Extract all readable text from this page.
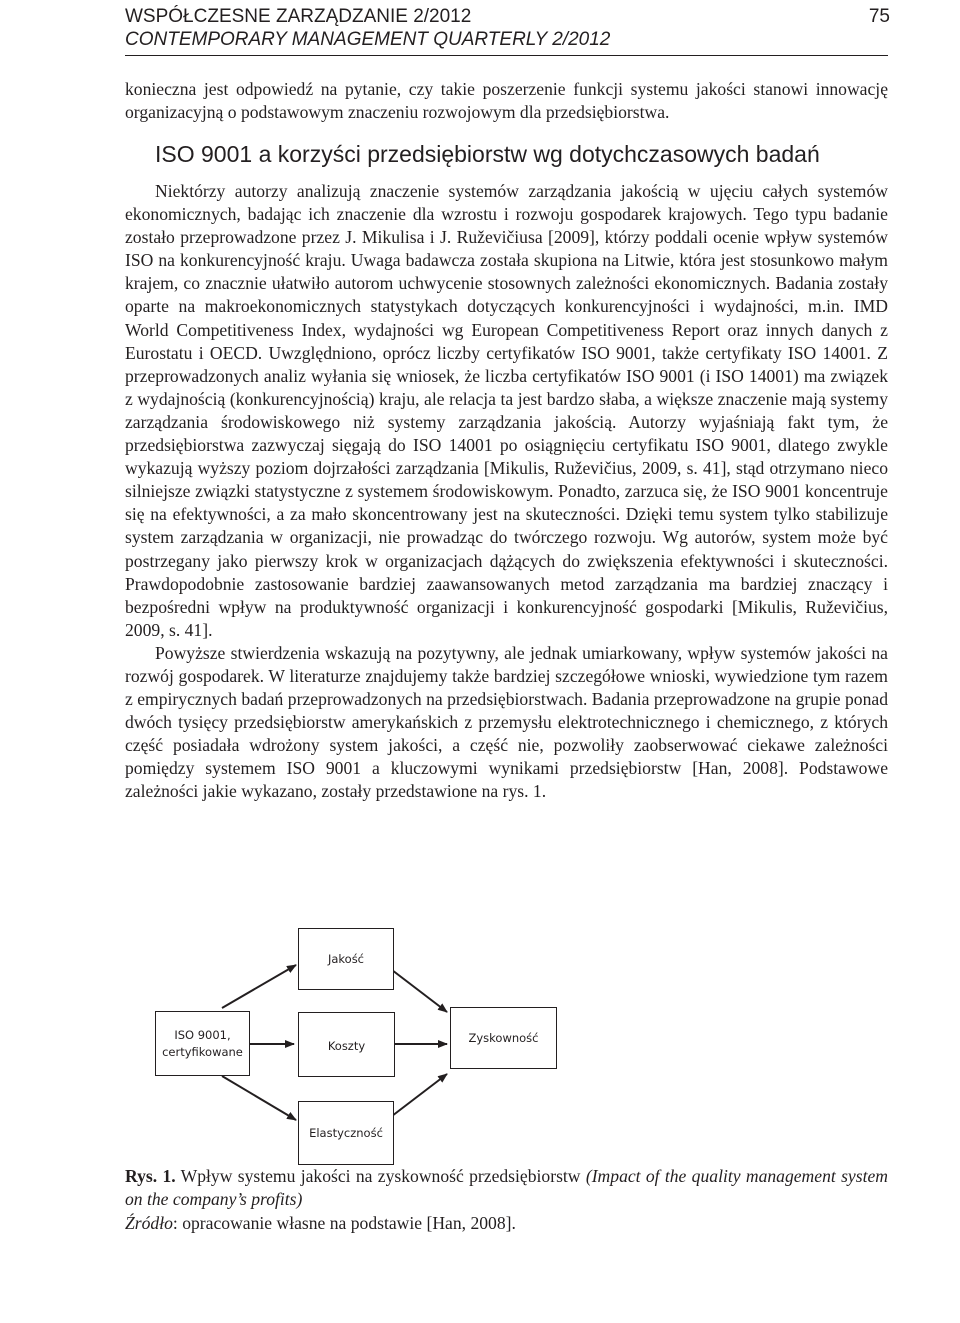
WSPÓŁCZESNE ZARZĄDZANIE 2/2012	75
CONTEMPORARY MANAGEMENT QUARTERLY 2/2012

konieczna jest odpowiedź na pytanie, czy takie poszerzenie funkcji systemu jakości stanowi innowację organizacyjną o podstawowym znaczeniu rozwojowym dla przedsiębiorstwa.

ISO 9001 a korzyści przedsiębiorstw wg dotychczasowych badań

Niektórzy autorzy analizują znaczenie systemów zarządzania jakością w ujęciu całych systemów ekonomicznych, badając ich znaczenie dla wzrostu i rozwoju gospodarek krajowych. Tego typu badanie zostało przeprowadzone przez J. Mikulisa i J. Ruževičiusa [2009], którzy poddali ocenie wpływ systemów ISO na konkurencyjność kraju. Uwaga badawcza została skupiona na Litwie, która jest stosunkowo małym krajem, co znacznie ułatwiło autorom uchwycenie stosownych zależności ekonomicznych. Badania zostały oparte na makroekonomicznych statystykach dotyczących konkurencyjności i wydajności, m.in. IMD World Competitiveness Index, wydajności wg European Competitiveness Report oraz innych danych z Eurostatu i OECD. Uwzględniono, oprócz liczby certyfikatów ISO 9001, także certyfikaty ISO 14001. Z przeprowadzonych analiz wyłania się wniosek, że liczba certyfikatów ISO 9001 (i ISO 14001) ma związek z wydajnością (konkurencyjnością) kraju, ale relacja ta jest bardzo słaba, a większe znaczenie mają systemy zarządzania środowiskowego niż systemy zarządzania jakością. Autorzy wyjaśniają fakt tym, że przedsiębiorstwa zazwyczaj sięgają do ISO 14001 po osiągnięciu certyfikatu ISO 9001, dlatego zwykle wykazują wyższy poziom dojrzałości zarządzania [Mikulis, Ruževičius, 2009, s. 41], stąd otrzymano nieco silniejsze związki statystyczne z systemem środowiskowym. Ponadto, zarzuca się, że ISO 9001 koncentruje się na efektywności, a za mało skoncentrowany jest na skuteczności. Dzięki temu system tylko stabilizuje system zarządzania w organizacji, nie prowadząc do twórczego rozwoju. Wg autorów, system może być postrzegany jako pierwszy krok w organizacjach dążących do zwiększenia efektywności i skuteczności. Prawdopodobnie zastosowanie bardziej zaawansowanych metod zarządzania ma bardziej znaczący i bezpośredni wpływ na produktywność organizacji i konkurencyjność gospodarki [Mikulis, Ruževičius, 2009, s. 41].

Powyższe stwierdzenia wskazują na pozytywny, ale jednak umiarkowany, wpływ systemów jakości na rozwój gospodarek. W literaturze znajdujemy także bardziej szczegółowe wnioski, wywiedzione tym razem z empirycznych badań przeprowadzonych na przedsiębiorstwach. Badania przeprowadzone na grupie ponad dwóch tysięcy przedsiębiorstw amerykańskich z przemysłu elektrotechnicznego i chemicznego, z których część posiadała wdrożony system jakości, a część nie, pozwoliły zaobserwować ciekawe zależności pomiędzy systemem ISO 9001 a kluczowymi wynikami przedsiębiorstw [Han, 2008]. Podstawowe zależności jakie wykazano, zostały przedstawione na rys. 1.

ISO 9001,
certyfikowane
Jakość
Koszty
Elastyczność
Zyskowność

Rys. 1. Wpływ systemu jakości na zyskowność przedsiębiorstw (Impact of the quality management system on the company’s profits)

Źródło: opracowanie własne na podstawie [Han, 2008].
